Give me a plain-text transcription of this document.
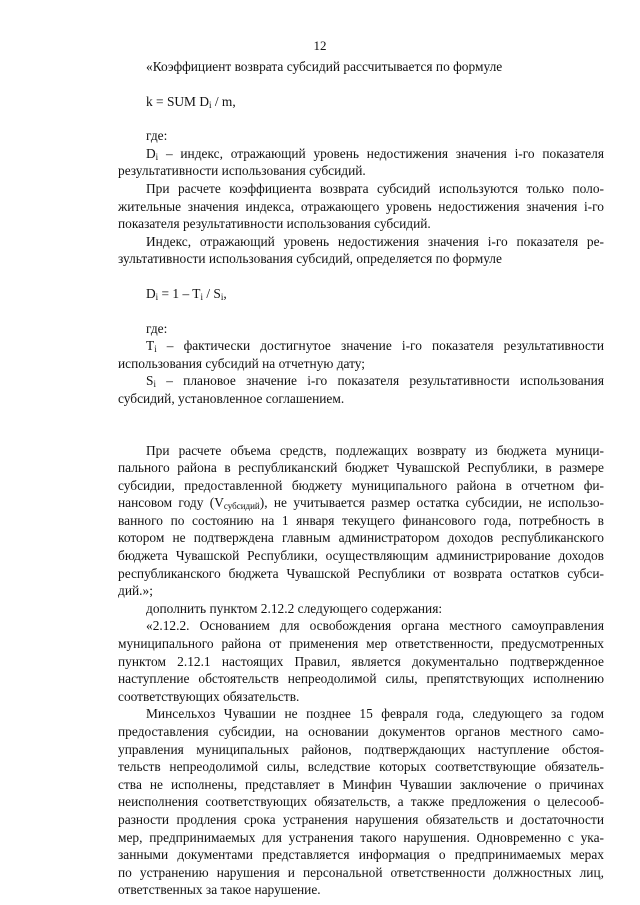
12

«Коэффициент возврата субсидий рассчитывается по формуле

k = SUM $D_i$ / m,

где:

$D_i$ – индекс, отражающий уровень недостижения значения i-го показателя

результативности использования субсидий.

При расчете коэффициента возврата субсидий используются только поло-

жительные значения индекса, отражающего уровень недостижения значения i-го

показателя результативности использования субсидий.

Индекс, отражающий уровень недостижения значения i-го показателя ре-

зультативности использования субсидий, определяется по формуле

$D_i = 1 - T_i / S_i$,

где:

$T_i$ – фактически достигнутое значение i-го показателя результативности

использования субсидий на отчетную дату;

$S_i$ – плановое значение i-го показателя результативности использования

субсидий, установленное соглашением.

При расчете объема средств, подлежащих возврату из бюджета муници-

пального района в республиканский бюджет Чувашской Республики, в размере

субсидии, предоставленной бюджету муниципального района в отчетном фи-

нансовом году $(V_{субсидий})$, не учитывается размер остатка субсидии, не использо-

ванного по состоянию на 1 января текущего финансового года, потребность в

котором не подтверждена главным администратором доходов республиканского

бюджета Чувашской Республики, осуществляющим администрирование доходов

республиканского бюджета Чувашской Республики от возврата остатков субси-

дий.»;

дополнить пунктом 2.12.2 следующего содержания:

«2.12.2. Основанием для освобождения органа местного самоуправления

муниципального района от применения мер ответственности, предусмотренных

пунктом 2.12.1 настоящих Правил, является документально подтвержденное

наступление обстоятельств непреодолимой силы, препятствующих исполнению

соответствующих обязательств.

Минсельхоз Чувашии не позднее 15 февраля года, следующего за годом

предоставления субсидии, на основании документов органов местного само-

управления муниципальных районов, подтверждающих наступление обстоя-

тельств непреодолимой силы, вследствие которых соответствующие обязатель-

ства не исполнены, представляет в Минфин Чувашии заключение о причинах

неисполнения соответствующих обязательств, а также предложения о целесооб-

разности продления срока устранения нарушения обязательств и достаточности

мер, предпринимаемых для устранения такого нарушения. Одновременно с ука-

занными документами представляется информация о предпринимаемых мерах

по устранению нарушения и персональной ответственности должностных лиц,

ответственных за такое нарушение.
